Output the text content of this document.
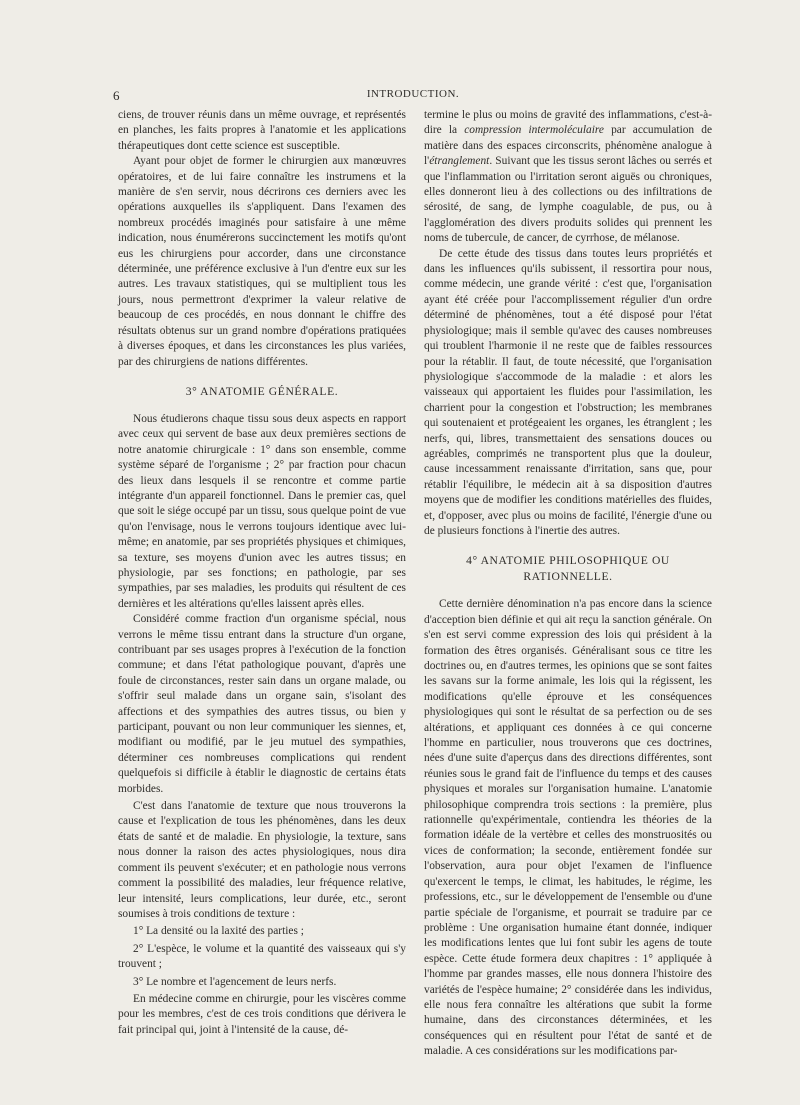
6	INTRODUCTION.

ciens, de trouver réunis dans un même ouvrage, et représentés en planches, les faits propres à l'anatomie et les applications thérapeutiques dont cette science est susceptible.

Ayant pour objet de former le chirurgien aux manœuvres opératoires, et de lui faire connaître les instrumens et la manière de s'en servir, nous décrirons ces derniers avec les opérations auxquelles ils s'appliquent. Dans l'examen des nombreux procédés imaginés pour satisfaire à une même indication, nous énumérerons succinctement les motifs qu'ont eus les chirurgiens pour accorder, dans une circonstance déterminée, une préférence exclusive à l'un d'entre eux sur les autres. Les travaux statistiques, qui se multiplient tous les jours, nous permettront d'exprimer la valeur relative de beaucoup de ces procédés, en nous donnant le chiffre des résultats obtenus sur un grand nombre d'opérations pratiquées à diverses époques, et dans les circonstances les plus variées, par des chirurgiens de nations différentes.

3° ANATOMIE GÉNÉRALE.

Nous étudierons chaque tissu sous deux aspects en rapport avec ceux qui servent de base aux deux premières sections de notre anatomie chirurgicale : 1° dans son ensemble, comme système séparé de l'organisme ; 2° par fraction pour chacun des lieux dans lesquels il se rencontre et comme partie intégrante d'un appareil fonctionnel. Dans le premier cas, quel que soit le siége occupé par un tissu, sous quelque point de vue qu'on l'envisage, nous le verrons toujours identique avec lui-même; en anatomie, par ses propriétés physiques et chimiques, sa texture, ses moyens d'union avec les autres tissus; en physiologie, par ses fonctions; en pathologie, par ses sympathies, par ses maladies, les produits qui résultent de ces dernières et les altérations qu'elles laissent après elles.

Considéré comme fraction d'un organisme spécial, nous verrons le même tissu entrant dans la structure d'un organe, contribuant par ses usages propres à l'exécution de la fonction commune; et dans l'état pathologique pouvant, d'après une foule de circonstances, rester sain dans un organe malade, ou s'offrir seul malade dans un organe sain, s'isolant des affections et des sympathies des autres tissus, ou bien y participant, pouvant ou non leur communiquer les siennes, et, modifiant ou modifié, par le jeu mutuel des sympathies, déterminer ces nombreuses complications qui rendent quelquefois si difficile à établir le diagnostic de certains états morbides.

C'est dans l'anatomie de texture que nous trouverons la cause et l'explication de tous les phénomènes, dans les deux états de santé et de maladie. En physiologie, la texture, sans nous donner la raison des actes physiologiques, nous dira comment ils peuvent s'exécuter; et en pathologie nous verrons comment la possibilité des maladies, leur fréquence relative, leur intensité, leurs complications, leur durée, etc., seront soumises à trois conditions de texture :

1° La densité ou la laxité des parties ;

2° L'espèce, le volume et la quantité des vaisseaux qui s'y trouvent ;

3° Le nombre et l'agencement de leurs nerfs.

En médecine comme en chirurgie, pour les viscères comme pour les membres, c'est de ces trois conditions que dérivera le fait principal qui, joint à l'intensité de la cause, dé-

termine le plus ou moins de gravité des inflammations, c'est-à-dire la compression intermoléculaire par accumulation de matière dans des espaces circonscrits, phénomène analogue à l'étranglement. Suivant que les tissus seront lâches ou serrés et que l'inflammation ou l'irritation seront aiguës ou chroniques, elles donneront lieu à des collections ou des infiltrations de sérosité, de sang, de lymphe coagulable, de pus, ou à l'agglomération des divers produits solides qui prennent les noms de tubercule, de cancer, de cyrrhose, de mélanose.

De cette étude des tissus dans toutes leurs propriétés et dans les influences qu'ils subissent, il ressortira pour nous, comme médecin, une grande vérité : c'est que, l'organisation ayant été créée pour l'accomplissement régulier d'un ordre déterminé de phénomènes, tout a été disposé pour l'état physiologique; mais il semble qu'avec des causes nombreuses qui troublent l'harmonie il ne reste que de faibles ressources pour la rétablir. Il faut, de toute nécessité, que l'organisation physiologique s'accommode de la maladie : et alors les vaisseaux qui apportaient les fluides pour l'assimilation, les charrient pour la congestion et l'obstruction; les membranes qui soutenaient et protégeaient les organes, les étranglent ; les nerfs, qui, libres, transmettaient des sensations douces ou agréables, comprimés ne transportent plus que la douleur, cause incessamment renaissante d'irritation, sans que, pour rétablir l'équilibre, le médecin ait à sa disposition d'autres moyens que de modifier les conditions matérielles des fluides, et, d'opposer, avec plus ou moins de facilité, l'énergie d'une ou de plusieurs fonctions à l'inertie des autres.

4° ANATOMIE PHILOSOPHIQUE OU RATIONNELLE.

Cette dernière dénomination n'a pas encore dans la science d'acception bien définie et qui ait reçu la sanction générale. On s'en est servi comme expression des lois qui président à la formation des êtres organisés. Généralisant sous ce titre les doctrines ou, en d'autres termes, les opinions que se sont faites les savans sur la forme animale, les lois qui la régissent, les modifications qu'elle éprouve et les conséquences physiologiques qui sont le résultat de sa perfection ou de ses altérations, et appliquant ces données à ce qui concerne l'homme en particulier, nous trouverons que ces doctrines, nées d'une suite d'aperçus dans des directions différentes, sont réunies sous le grand fait de l'influence du temps et des causes physiques et morales sur l'organisation humaine. L'anatomie philosophique comprendra trois sections : la première, plus rationnelle qu'expérimentale, contiendra les théories de la formation idéale de la vertèbre et celles des monstruosités ou vices de conformation; la seconde, entièrement fondée sur l'observation, aura pour objet l'examen de l'influence qu'exercent le temps, le climat, les habitudes, le régime, les professions, etc., sur le développement de l'ensemble ou d'une partie spéciale de l'organisme, et pourrait se traduire par ce problème : Une organisation humaine étant donnée, indiquer les modifications lentes que lui font subir les agens de toute espèce. Cette étude formera deux chapitres : 1° appliquée à l'homme par grandes masses, elle nous donnera l'histoire des variétés de l'espèce humaine; 2° considérée dans les individus, elle nous fera connaître les altérations que subit la forme humaine, dans des circonstances déterminées, et les conséquences qui en résultent pour l'état de santé et de maladie. A ces considérations sur les modifications par-
